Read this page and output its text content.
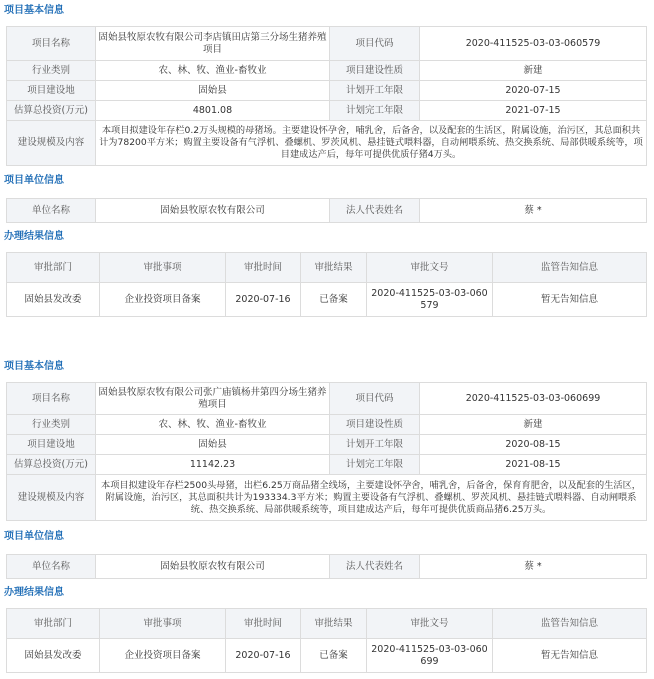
项目基本信息
项目名称	固始县牧原农牧有限公司李店镇田店第三分场生猪养殖项目	项目代码	2020-411525-03-03-060579
行业类别	农、林、牧、渔业-畜牧业	项目建设性质	新建
项目建设地	固始县	计划开工年限	2020-07-15
估算总投资(万元)	4801.08	计划完工年限	2021-07-15
建设规模及内容	本项目拟建设年存栏0.2万头规模的母猪场。主要建设怀孕舍，哺乳舍，后备舍，以及配套的生活区，附属设施，治污区，其总面积共计为78200平方米；购置主要设备有气浮机、叠螺机、罗茨风机、悬挂链式喂料器，自动闸喂系统、热交换系统、局部供暖系统等，项目建成达产后，每年可提供优质仔猪4万头。		
项目单位信息
单位名称	固始县牧原农牧有限公司	法人代表姓名	蔡 *
办理结果信息
审批部门	审批事项	审批时间	审批结果	审批文号	监管告知信息
固始县发改委	企业投资项目备案	2020-07-16	已备案	2020-411525-03-03-060579	暂无告知信息
项目基本信息
项目名称	固始县牧原农牧有限公司张广庙镇杨井第四分场生猪养殖项目	项目代码	2020-411525-03-03-060699
行业类别	农、林、牧、渔业-畜牧业	项目建设性质	新建
项目建设地	固始县	计划开工年限	2020-08-15
估算总投资(万元)	11142.23	计划完工年限	2021-08-15
建设规模及内容	本项目拟建设年存栏2500头母猪，出栏6.25万商品猪全线场，主要建设怀孕舍，哺乳舍，后备舍，保育育肥舍，以及配套的生活区，附属设施，治污区，其总面积共计为193334.3平方米；购置主要设备有气浮机、叠螺机、罗茨风机、悬挂链式喂料器、自动闸喂系统、热交换系统、局部供暖系统等，项目建成达产后，每年可提供优质商品猪6.25万头。		
项目单位信息
单位名称	固始县牧原农牧有限公司	法人代表姓名	蔡 *
办理结果信息
审批部门	审批事项	审批时间	审批结果	审批文号	监管告知信息
固始县发改委	企业投资项目备案	2020-07-16	已备案	2020-411525-03-03-060699	暂无告知信息
